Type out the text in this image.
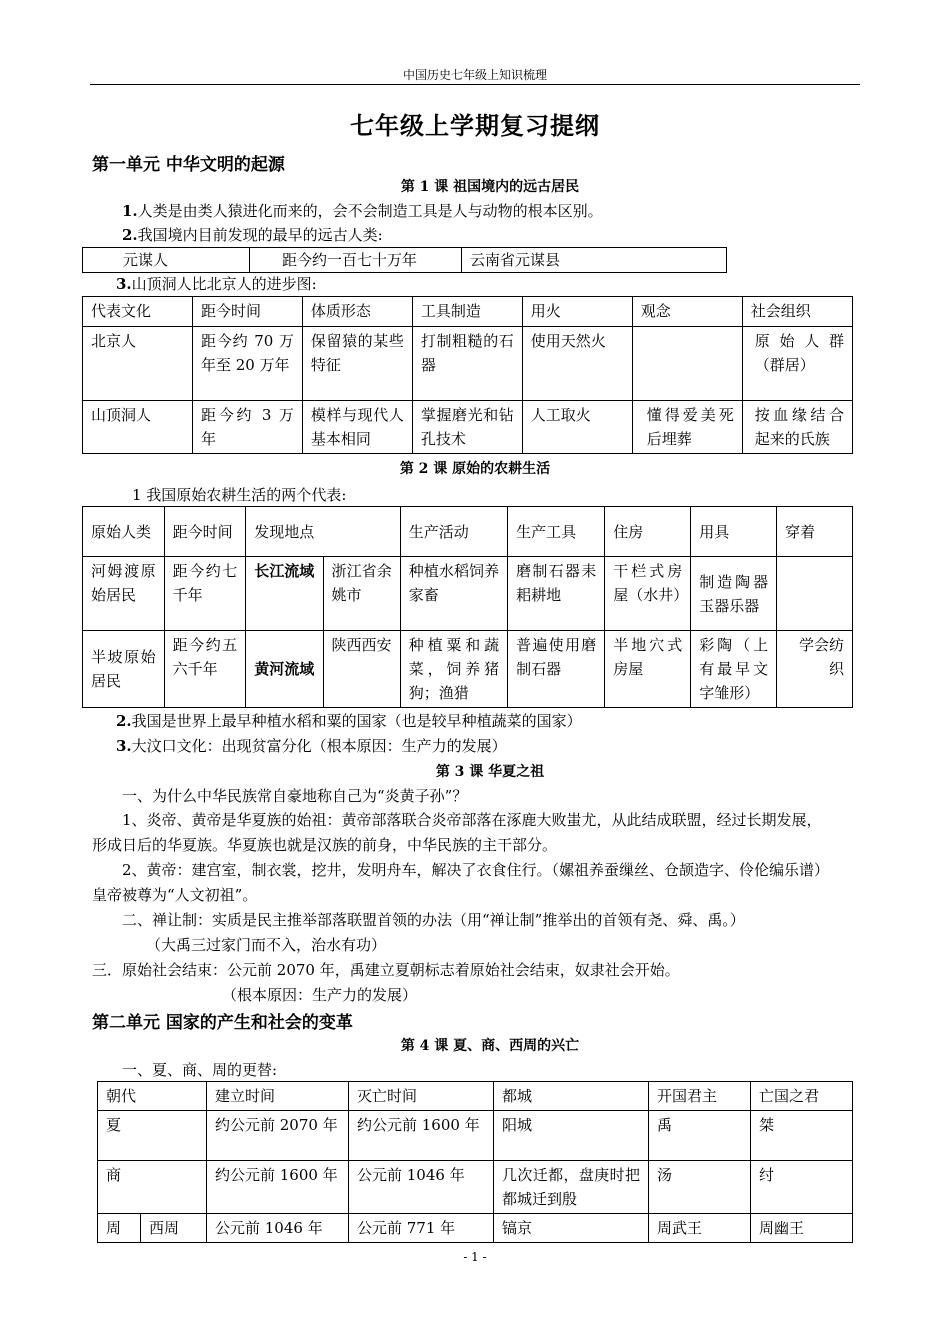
中国历史七年级上知识梳理
七年级上学期复习提纲
第一单元 中华文明的起源
第 1 课 祖国境内的远古居民
1.人类是由类人猿进化而来的，会不会制造工具是人与动物的根本区别。
2.我国境内目前发现的最早的远古人类:
元谋人	距今约一百七十万年	云南省元谋县
3.山顶洞人比北京人的进步图:
代表文化	距今时间	体质形态	工具制造	用火	观念	社会组织
北京人	距今约 70 万年至 20 万年	保留猿的某些特征	打制粗糙的石器	使用天然火		原始人群（群居）
山顶洞人	距今约 3 万年	模样与现代人基本相同	掌握磨光和钻孔技术	人工取火	懂得爱美死后埋葬	按血缘结合起来的氏族
第 2 课 原始的农耕生活
1 我国原始农耕生活的两个代表:
原始人类	距今时间	发现地点		生产活动	生产工具	住房	用具	穿着
河姆渡原始居民	距今约七千年	长江流域	浙江省余姚市	种植水稻饲养家畜	磨制石器耒耜耕地	干栏式房屋（水井）	制造陶器玉器乐器	
半坡原始居民	距今约五六千年	黄河流域	陕西西安	种植粟和蔬菜，饲养猪狗；渔猎	普遍使用磨制石器	半地穴式房屋	彩陶（上有最早文字雏形）	学会纺织
2.我国是世界上最早种植水稻和粟的国家（也是较早种植蔬菜的国家）
3.大汶口文化：出现贫富分化（根本原因：生产力的发展）
第 3 课 华夏之祖
一、为什么中华民族常自豪地称自己为“炎黄子孙”？
1、炎帝、黄帝是华夏族的始祖：黄帝部落联合炎帝部落在涿鹿大败蚩尤，从此结成联盟，经过长期发展，
形成日后的华夏族。华夏族也就是汉族的前身，中华民族的主干部分。
2、黄帝：建宫室，制衣裳，挖井，发明舟车，解决了衣食住行。（嫘祖养蚕缫丝、仓颉造字、伶伦编乐谱）
皇帝被尊为“人文初祖”。
二、禅让制：实质是民主推举部落联盟首领的办法（用“禅让制”推举出的首领有尧、舜、禹。）
（大禹三过家门而不入，治水有功）
三．原始社会结束：公元前 2070 年，禹建立夏朝标志着原始社会结束，奴隶社会开始。
（根本原因：生产力的发展）
第二单元 国家的产生和社会的变革
第 4 课 夏、商、西周的兴亡
一、夏、商、周的更替:
朝代		建立时间	灭亡时间	都城	开国君主	亡国之君
夏		约公元前 2070 年	约公元前 1600 年	阳城	禹	桀
商		约公元前 1600 年	公元前 1046 年	几次迁都，盘庚时把都城迁到殷	汤	纣
周	西周	公元前 1046 年	公元前 771 年	镐京	周武王	周幽王
- 1 -
